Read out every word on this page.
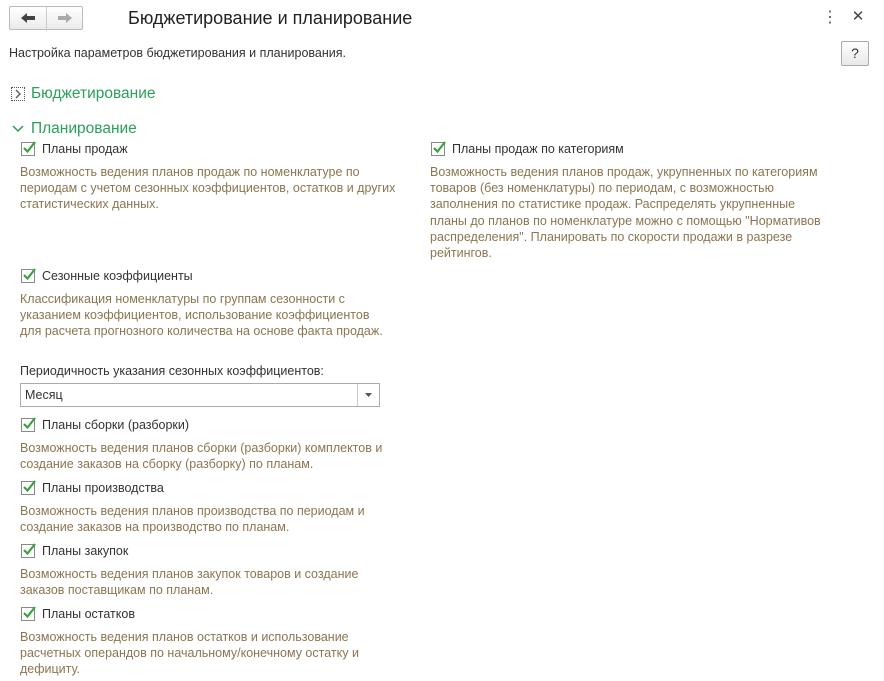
Бюджетирование и планирование	⋮ ✕
Настройка параметров бюджетирования и планирования.	?
Бюджетирование
Планирование
Планы продаж
Возможность ведения планов продаж по номенклатуре по периодам с учетом сезонных коэффициентов, остатков и других статистических данных.
Планы продаж по категориям
Возможность ведения планов продаж, укрупненных по категориям товаров (без номенклатуры) по периодам, с возможностью заполнения по статистике продаж. Распределять укрупненные планы до планов по номенклатуре можно с помощью "Нормативов распределения". Планировать по скорости продажи в разрезе рейтингов.
Сезонные коэффициенты
Классификация номенклатуры по группам сезонности с указанием коэффициентов, использование коэффициентов для расчета прогнозного количества на основе факта продаж.
Периодичность указания сезонных коэффициентов:
Месяц
Планы сборки (разборки)
Возможность ведения планов сборки (разборки) комплектов и создание заказов на сборку (разборку) по планам.
Планы производства
Возможность ведения планов производства по периодам и создание заказов на производство по планам.
Планы закупок
Возможность ведения планов закупок товаров и создание заказов поставщикам по планам.
Планы остатков
Возможность ведения планов остатков и использование расчетных операндов по начальному/конечному остатку и дефициту.
